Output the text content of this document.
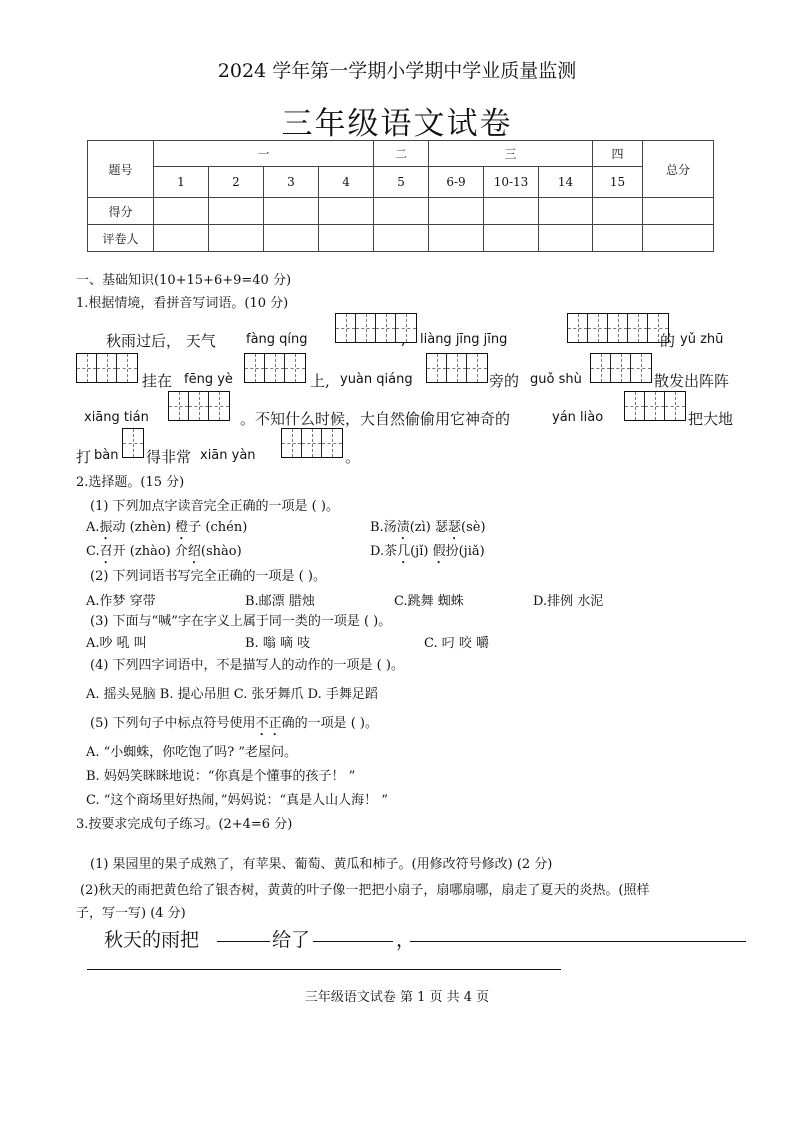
2024 学年第一学期小学期中学业质量监测
三年级语文试卷
题号	一				二	三			四	总分
	1	2	3	4	5	6-9	10-13	14	15	
得分										
评卷人										
一、基础知识(10+15+6+9=40 分)
1.根据情境，看拼音写词语。(10 分)
秋雨过后， 天气 fàng qíng	, liàng jīng jīng	的 yǔ zhū
挂在 fēng yè	上, yuàn qiáng	旁的 guǒ shù	散发出阵阵
xiāng tián	。不知什么时候，大自然偷偷用它神奇的	yán liào	把大地
打 bàn 得非常 xiān yàn	。
2.选择题。(15 分)
(1) 下列加点字读音完全正确的一项是 ( )。
A.振动 (zhèn) 橙子 (chén)	B.汤渍(zì) 瑟瑟(sè)
C.召开 (zhào) 介绍(shào)	D.茶几(jǐ) 假扮(jiǎ)
(2) 下列词语书写完全正确的一项是 ( )。
A.作梦 穿带	B.邮漂 腊烛	C.跳舞 蜘蛛	D.排例 水泥
(3) 下面与“喊”字在字义上属于同一类的一项是 ( )。
A.吵 吼 叫	B. 嗡 嘀 吱	C. 叼 咬 嚼
(4) 下列四字词语中，不是描写人的动作的一项是 ( )。
A. 摇头晃脑 B. 提心吊胆 C. 张牙舞爪 D. 手舞足蹈
(5) 下列句子中标点符号使用不正确的一项是 ( )。
A. “小蜘蛛，你吃饱了吗? ”老屋问。
B. 妈妈笑眯眯地说：“你真是个懂事的孩子！ ”
C. “这个商场里好热闹，”妈妈说：“真是人山人海！ ”
3.按要求完成句子练习。(2+4=6 分)
(1) 果园里的果子成熟了，有苹果、葡萄、黄瓜和柿子。(用修改符号修改) (2 分)
(2)秋天的雨把黄色给了银杏树，黄黄的叶子像一把把小扇子，扇哪扇哪，扇走了夏天的炎热。(照样
子，写一写) (4 分)
秋天的雨把	给了	，
三年级语文试卷 第 1 页 共 4 页
